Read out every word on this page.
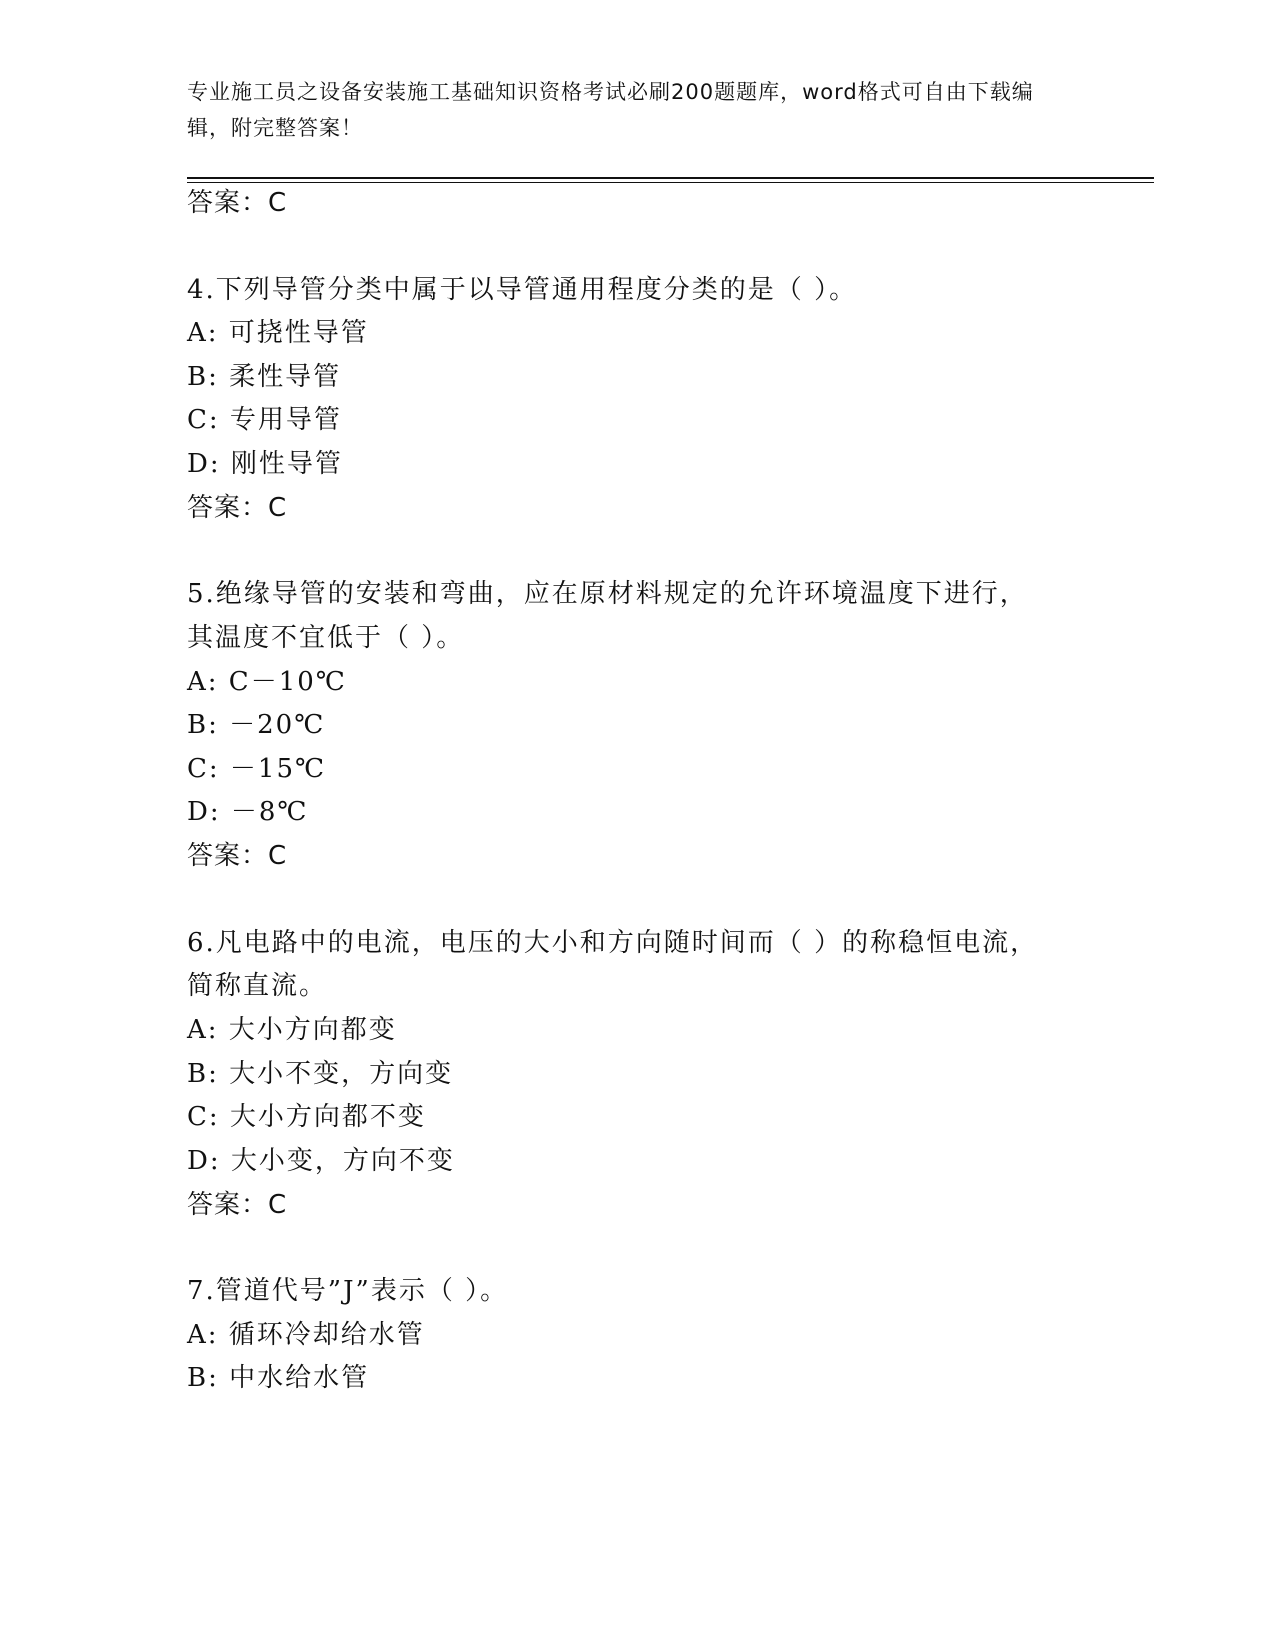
专业施工员之设备安装施工基础知识资格考试必刷200题题库，word格式可自由下载编辑，附完整答案！
答案：C
4.下列导管分类中属于以导管通用程度分类的是（ ）。
A: 可挠性导管
B: 柔性导管
C: 专用导管
D: 刚性导管
答案：C
5.绝缘导管的安装和弯曲，应在原材料规定的允许环境温度下进行，
其温度不宜低于（ ）。
A: C－10℃
B: －20℃
C: －15℃
D: －8℃
答案：C
6.凡电路中的电流，电压的大小和方向随时间而（ ）的称稳恒电流，
简称直流。
A: 大小方向都变
B: 大小不变，方向变
C: 大小方向都不变
D: 大小变，方向不变
答案：C
7.管道代号”J”表示（ ）。
A: 循环冷却给水管
B: 中水给水管
